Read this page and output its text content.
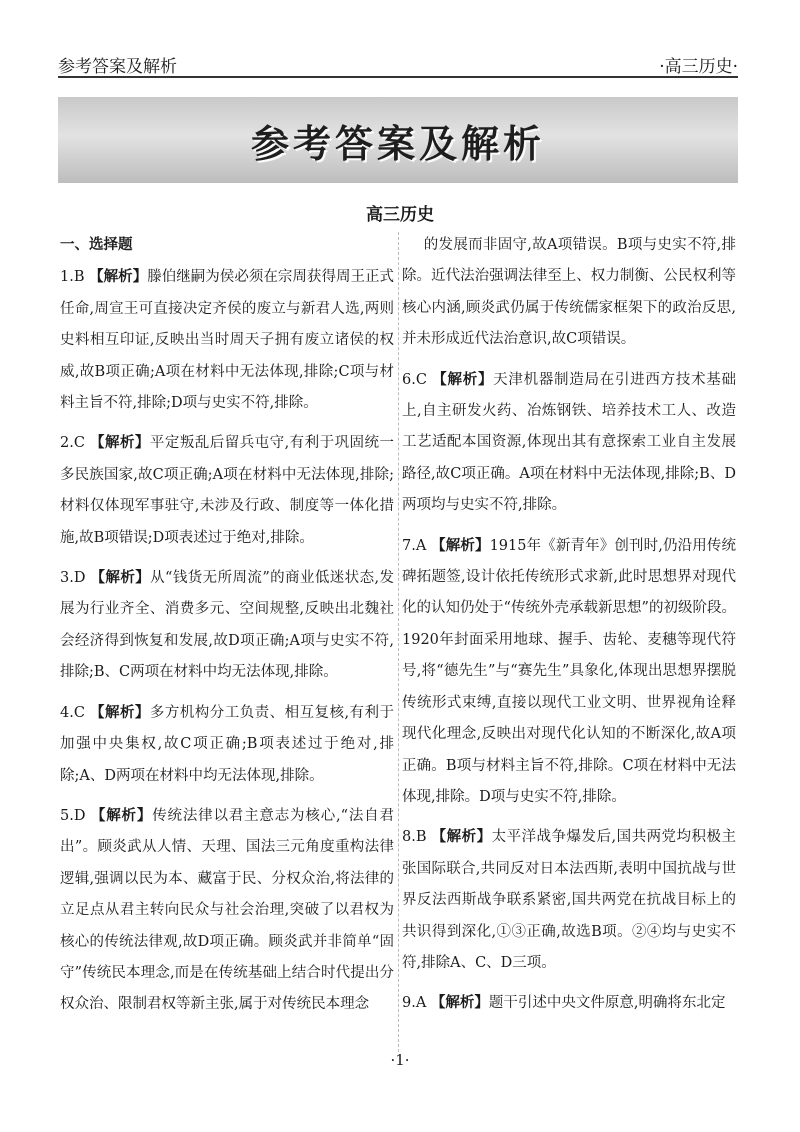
参考答案及解析	·高三历史·
参考答案及解析
高三历史
一、选择题

1.B 【解析】滕伯继嗣为侯必须在宗周获得周王正式任命,周宣王可直接决定齐侯的废立与新君人选,两则史料相互印证,反映出当时周天子拥有废立诸侯的权威,故B项正确;A项在材料中无法体现,排除;C项与材料主旨不符,排除;D项与史实不符,排除。

2.C 【解析】平定叛乱后留兵屯守,有利于巩固统一多民族国家,故C项正确;A项在材料中无法体现,排除;材料仅体现军事驻守,未涉及行政、制度等一体化措施,故B项错误;D项表述过于绝对,排除。

3.D 【解析】从“钱货无所周流”的商业低迷状态,发展为行业齐全、消费多元、空间规整,反映出北魏社会经济得到恢复和发展,故D项正确;A项与史实不符,排除;B、C两项在材料中均无法体现,排除。

4.C 【解析】多方机构分工负责、相互复核,有利于加强中央集权,故C项正确;B项表述过于绝对,排除;A、D两项在材料中均无法体现,排除。

5.D 【解析】传统法律以君主意志为核心,“法自君出”。顾炎武从人情、天理、国法三元角度重构法律逻辑,强调以民为本、藏富于民、分权众治,将法律的立足点从君主转向民众与社会治理,突破了以君权为核心的传统法律观,故D项正确。顾炎武并非简单“固守”传统民本理念,而是在传统基础上结合时代提出分权众治、限制君权等新主张,属于对传统民本理念

的发展而非固守,故A项错误。B项与史实不符,排除。近代法治强调法律至上、权力制衡、公民权利等核心内涵,顾炎武仍属于传统儒家框架下的政治反思,并未形成近代法治意识,故C项错误。

6.C 【解析】天津机器制造局在引进西方技术基础上,自主研发火药、冶炼钢铁、培养技术工人、改造工艺适配本国资源,体现出其有意探索工业自主发展路径,故C项正确。A项在材料中无法体现,排除;B、D两项均与史实不符,排除。

7.A 【解析】1915年《新青年》创刊时,仍沿用传统碑拓题签,设计依托传统形式求新,此时思想界对现代化的认知仍处于“传统外壳承载新思想”的初级阶段。1920年封面采用地球、握手、齿轮、麦穗等现代符号,将“德先生”与“赛先生”具象化,体现出思想界摆脱传统形式束缚,直接以现代工业文明、世界视角诠释现代化理念,反映出对现代化认知的不断深化,故A项正确。B项与材料主旨不符,排除。C项在材料中无法体现,排除。D项与史实不符,排除。

8.B 【解析】太平洋战争爆发后,国共两党均积极主张国际联合,共同反对日本法西斯,表明中国抗战与世界反法西斯战争联系紧密,国共两党在抗战目标上的共识得到深化,①③正确,故选B项。②④均与史实不符,排除A、C、D三项。

9.A 【解析】题干引述中央文件原意,明确将东北定

·1·
